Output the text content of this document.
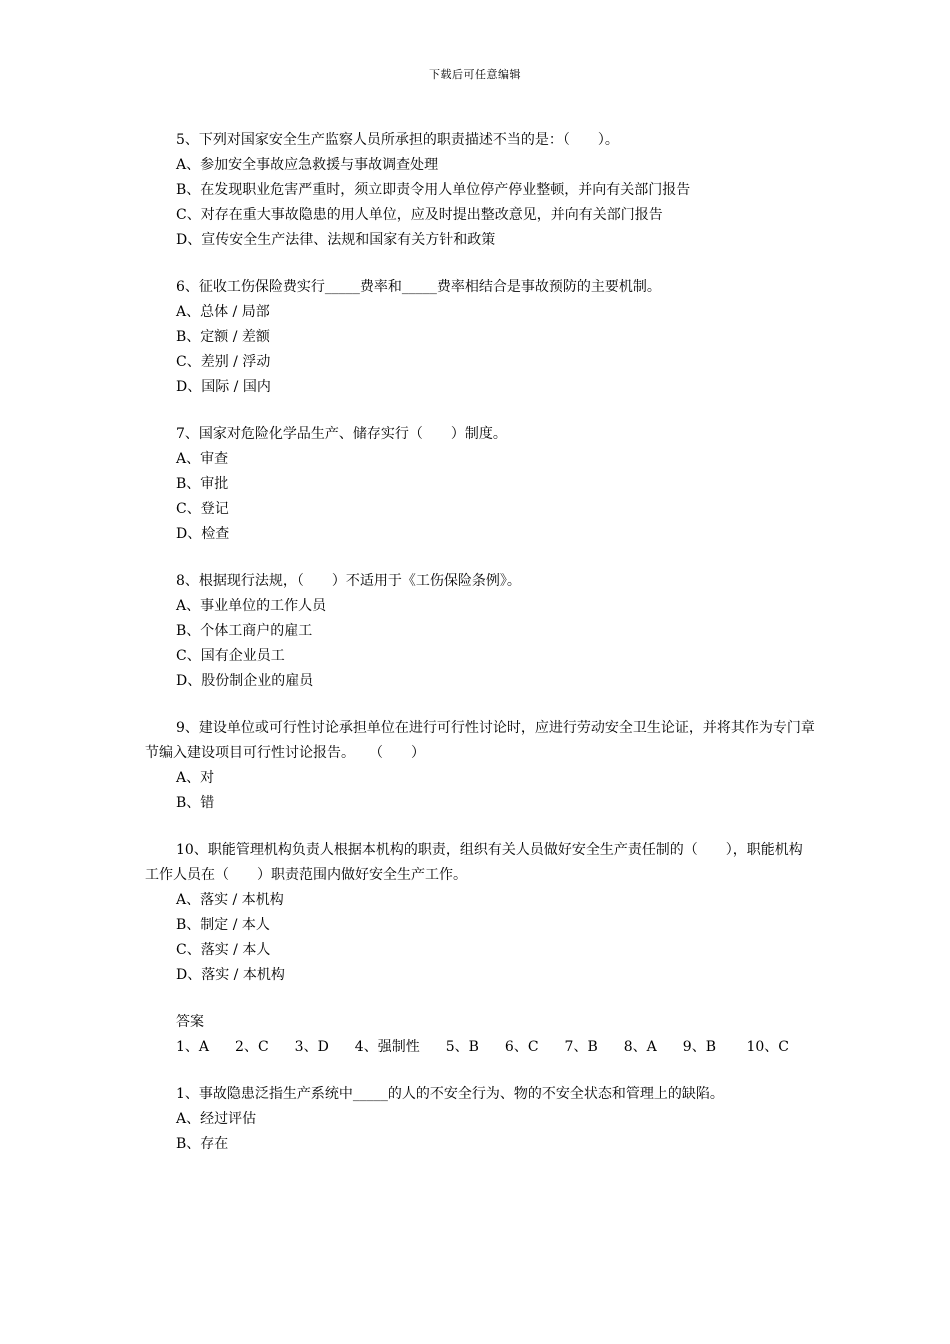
下载后可任意编辑

5、下列对国家安全生产监察人员所承担的职责描述不当的是：（　　）。

A、参加安全事故应急救援与事故调查处理

B、在发现职业危害严重时，须立即责令用人单位停产停业整顿，并向有关部门报告

C、对存在重大事故隐患的用人单位，应及时提出整改意见，并向有关部门报告

D、宣传安全生产法律、法规和国家有关方针和政策

6、征收工伤保险费实行_____费率和_____费率相结合是事故预防的主要机制。

A、总体 / 局部

B、定额 / 差额

C、差别 / 浮动

D、国际 / 国内

7、国家对危险化学品生产、储存实行（　　）制度。

A、审查

B、审批

C、登记

D、检查

8、根据现行法规，（　　）不适用于《工伤保险条例》。

A、事业单位的工作人员

B、个体工商户的雇工

C、国有企业员工

D、股份制企业的雇员

9、建设单位或可行性讨论承担单位在进行可行性讨论时，应进行劳动安全卫生论证，并将其作为专门章节编入建设项目可行性讨论报告。　　（　　）

A、对

B、错

10、职能管理机构负责人根据本机构的职责，组织有关人员做好安全生产责任制的（　　），职能机构工作人员在（　　）职责范围内做好安全生产工作。

A、落实 / 本机构

B、制定 / 本人

C、落实 / 本人

D、落实 / 本机构

答案

1、A 2、C 3、D 4、强制性 5、B 6、C 7、B 8、A 9、B 10、C

1、事故隐患泛指生产系统中_____的人的不安全行为、物的不安全状态和管理上的缺陷。

A、经过评估

B、存在
